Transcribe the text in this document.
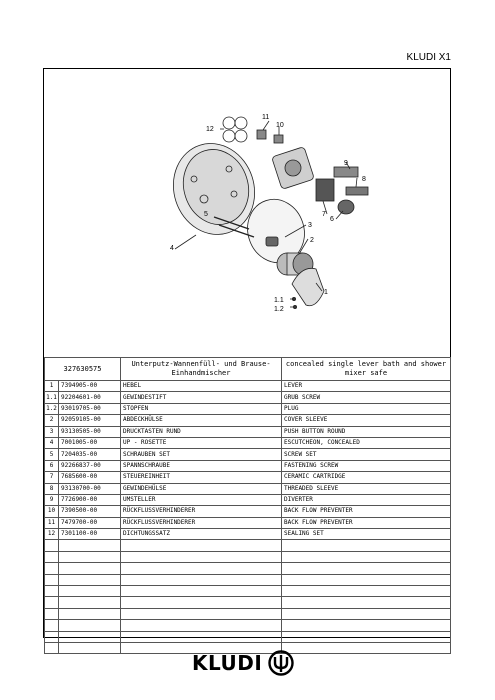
KLUDI X1
1
1.1
1.2
2
3
4
5
6
7
8
9
10
11
12
327630575		Unterputz-Wannenfüll- und Brause-Einhandmischer	concealed single lever bath and shower mixer safe
1	7394905-00	HEBEL	LEVER
1.1	92204601-00	GEWINDESTIFT	GRUB SCREW
1.2	93019705-00	STOPFEN	PLUG
2	92059105-00	ABDECKHÜLSE	COVER SLEEVE
3	93130505-00	DRUCKTASTEN RUND	PUSH BUTTON ROUND
4	7001005-00	UP - ROSETTE	ESCUTCHEON, CONCEALED
5	7204035-00	SCHRAUBEN SET	SCREW SET
6	92266837-00	SPANNSCHRAUBE	FASTENING SCREW
7	7685600-00	STEUEREINHEIT	CERAMIC CARTRIDGE
8	93130700-00	GEWINDEHÜLSE	THREADED SLEEVE
9	7726900-00	UMSTELLER	DIVERTER
10	7390500-00	RÜCKFLUSSVERHINDERER	BACK FLOW PREVENTER
11	7479700-00	RÜCKFLUSSVERHINDERER	BACK FLOW PREVENTER
12	7301100-00	DICHTUNGSSATZ	SEALING SET

KLUDI
